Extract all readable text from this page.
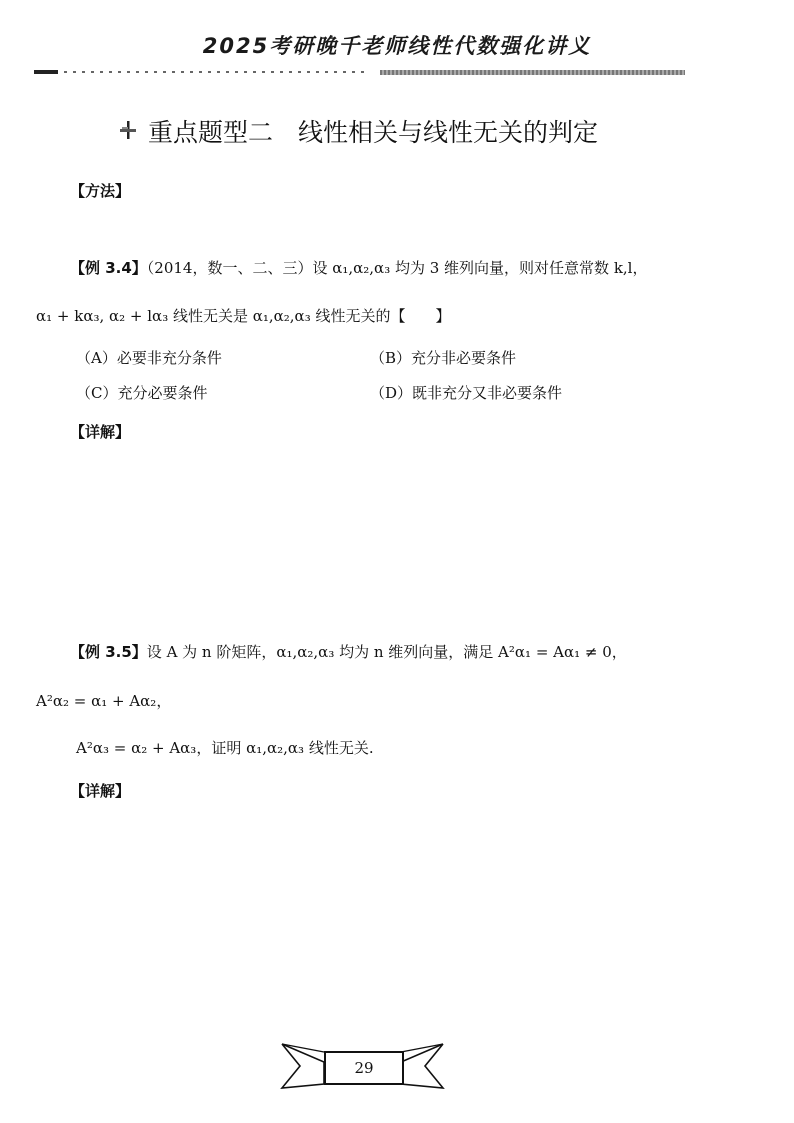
2025考研晚千老师线性代数强化讲义
重点题型二　线性相关与线性无关的判定
【方法】
【例 3.4】（2014，数一、二、三）设 α₁,α₂,α₃ 均为 3 维列向量，则对任意常数 k,l，
α₁ + kα₃, α₂ + lα₃ 线性无关是 α₁,α₂,α₃ 线性无关的【　　】
（A）必要非充分条件	（B）充分非必要条件
（C）充分必要条件	（D）既非充分又非必要条件
【详解】
【例 3.5】设 A 为 n 阶矩阵，α₁,α₂,α₃ 均为 n 维列向量，满足 A²α₁ = Aα₁ ≠ 0，
A²α₂ = α₁ + Aα₂，
A²α₃ = α₂ + Aα₃，证明 α₁,α₂,α₃ 线性无关.
【详解】
29
